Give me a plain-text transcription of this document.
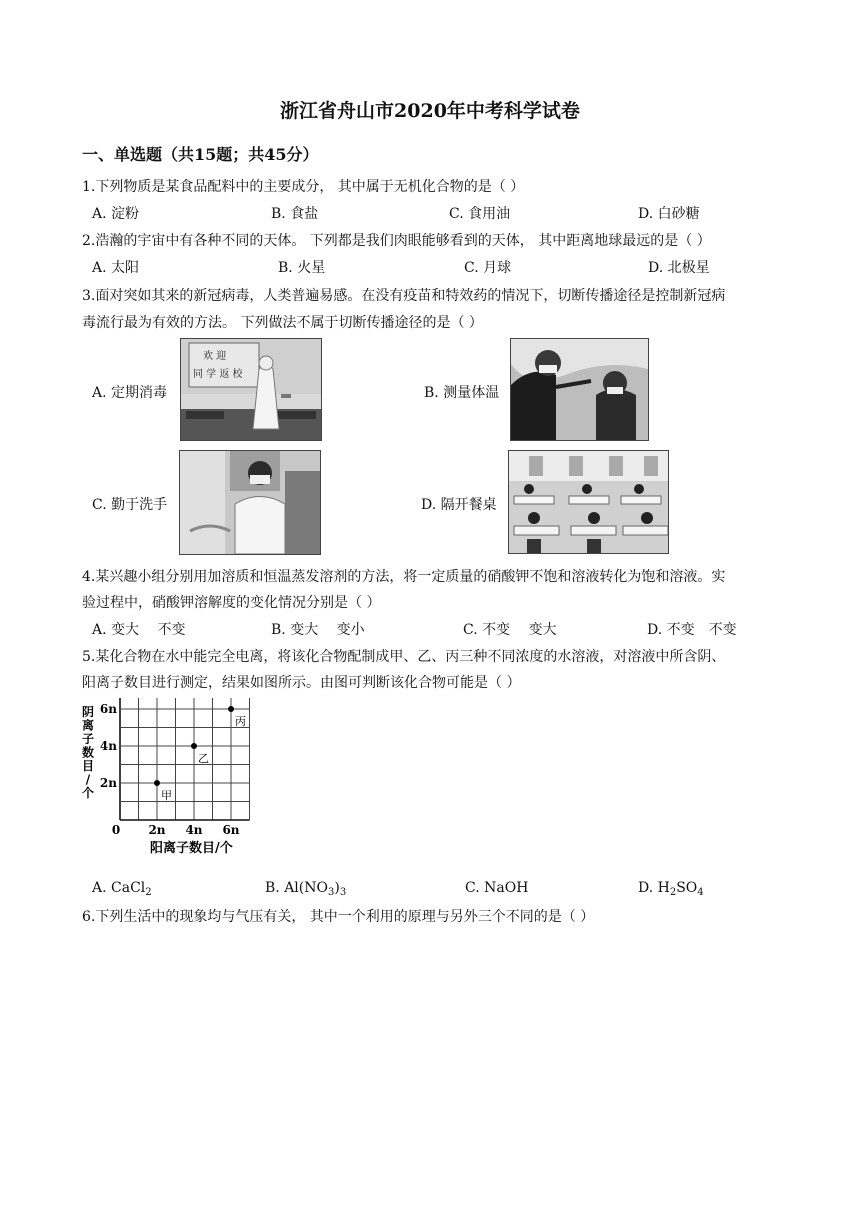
浙江省舟山市2020年中考科学试卷
一、单选题（共15题；共45分）
1.下列物质是某食品配料中的主要成分， 其中属于无机化合物的是（ ）
A. 淀粉	B. 食盐	C. 食用油	D. 白砂糖
2.浩瀚的宇宙中有各种不同的天体。 下列都是我们肉眼能够看到的天体， 其中距离地球最远的是（ ）
A. 太阳	B. 火星	C. 月球	D. 北极星
3.面对突如其来的新冠病毒，人类普遍易感。在没有疫苗和特效药的情况下，切断传播途径是控制新冠病
毒流行最为有效的方法。 下列做法不属于切断传播途径的是（ ）
A. 定期消毒
欢 迎
同 学 返 校
B. 测量体温
C. 勤于洗手	D. 隔开餐桌
4.某兴趣小组分别用加溶质和恒温蒸发溶剂的方法，将一定质量的硝酸钾不饱和溶液转化为饱和溶液。实
验过程中，硝酸钾溶解度的变化情况分别是（ ）
A. 变大　 不变	B. 变大　 变小	C. 不变　 变大	D. 不变　不变
5.某化合物在水中能完全电离，将该化合物配制成甲、乙、丙三种不同浓度的水溶液，对溶液中所含阴、
阳离子数目进行测定，结果如图所示。由图可判断该化合物可能是（ ）
阴
离
子
数
目
/
个
0 2n 4n 6n
2n
4n
6n
阳离子数目/个
甲
乙
丙
A. CaCl$_2$	B. $Al(NO_3)_3$	C. NaOH	D. $H_2SO_4$
6.下列生活中的现象均与气压有关， 其中一个利用的原理与另外三个不同的是（ ）
